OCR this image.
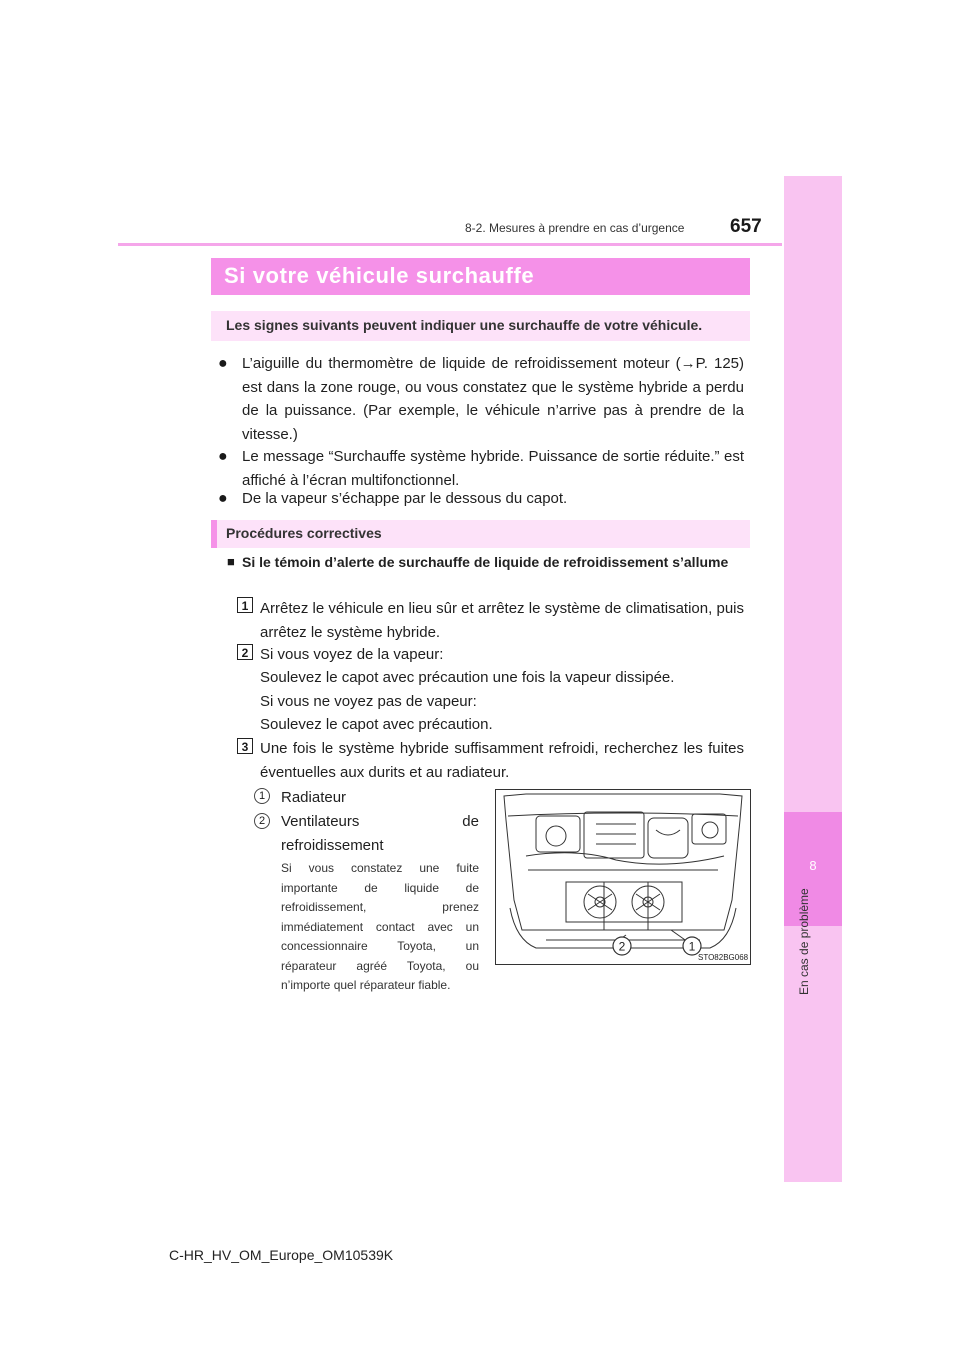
8
En cas de problème
8-2. Mesures à prendre en cas d’urgence 657
Si votre véhicule surchauffe
Les signes suivants peuvent indiquer une surchauffe de votre véhicule.
● L’aiguille du thermomètre de liquide de refroidissement moteur (→P. 125) est dans la zone rouge, ou vous constatez que le système hybride a perdu de la puissance. (Par exemple, le véhicule n’arrive pas à prendre de la vitesse.)
● Le message “Surchauffe système hybride. Puissance de sortie réduite.” est affiché à l’écran multifonctionnel.
● De la vapeur s’échappe par le dessous du capot.
Procédures correctives
■ Si le témoin d’alerte de surchauffe de liquide de refroidissement s’allume
1 Arrêtez le véhicule en lieu sûr et arrêtez le système de climatisation, puis arrêtez le système hybride.
2 Si vous voyez de la vapeur:
Soulevez le capot avec précaution une fois la vapeur dissipée.
Si vous ne voyez pas de vapeur:
Soulevez le capot avec précaution.
3 Une fois le système hybride suffisamment refroidi, recherchez les fuites éventuelles aux durits et au radiateur.
1	Radiateur
2	Ventilateurs de refroidissement
Si vous constatez une fuite importante de liquide de refroidissement, prenez immédiatement contact avec un concessionnaire Toyota, un réparateur agréé Toyota, ou n’importe quel réparateur fiable.
2	1
STO82BG068
C-HR_HV_OM_Europe_OM10539K
